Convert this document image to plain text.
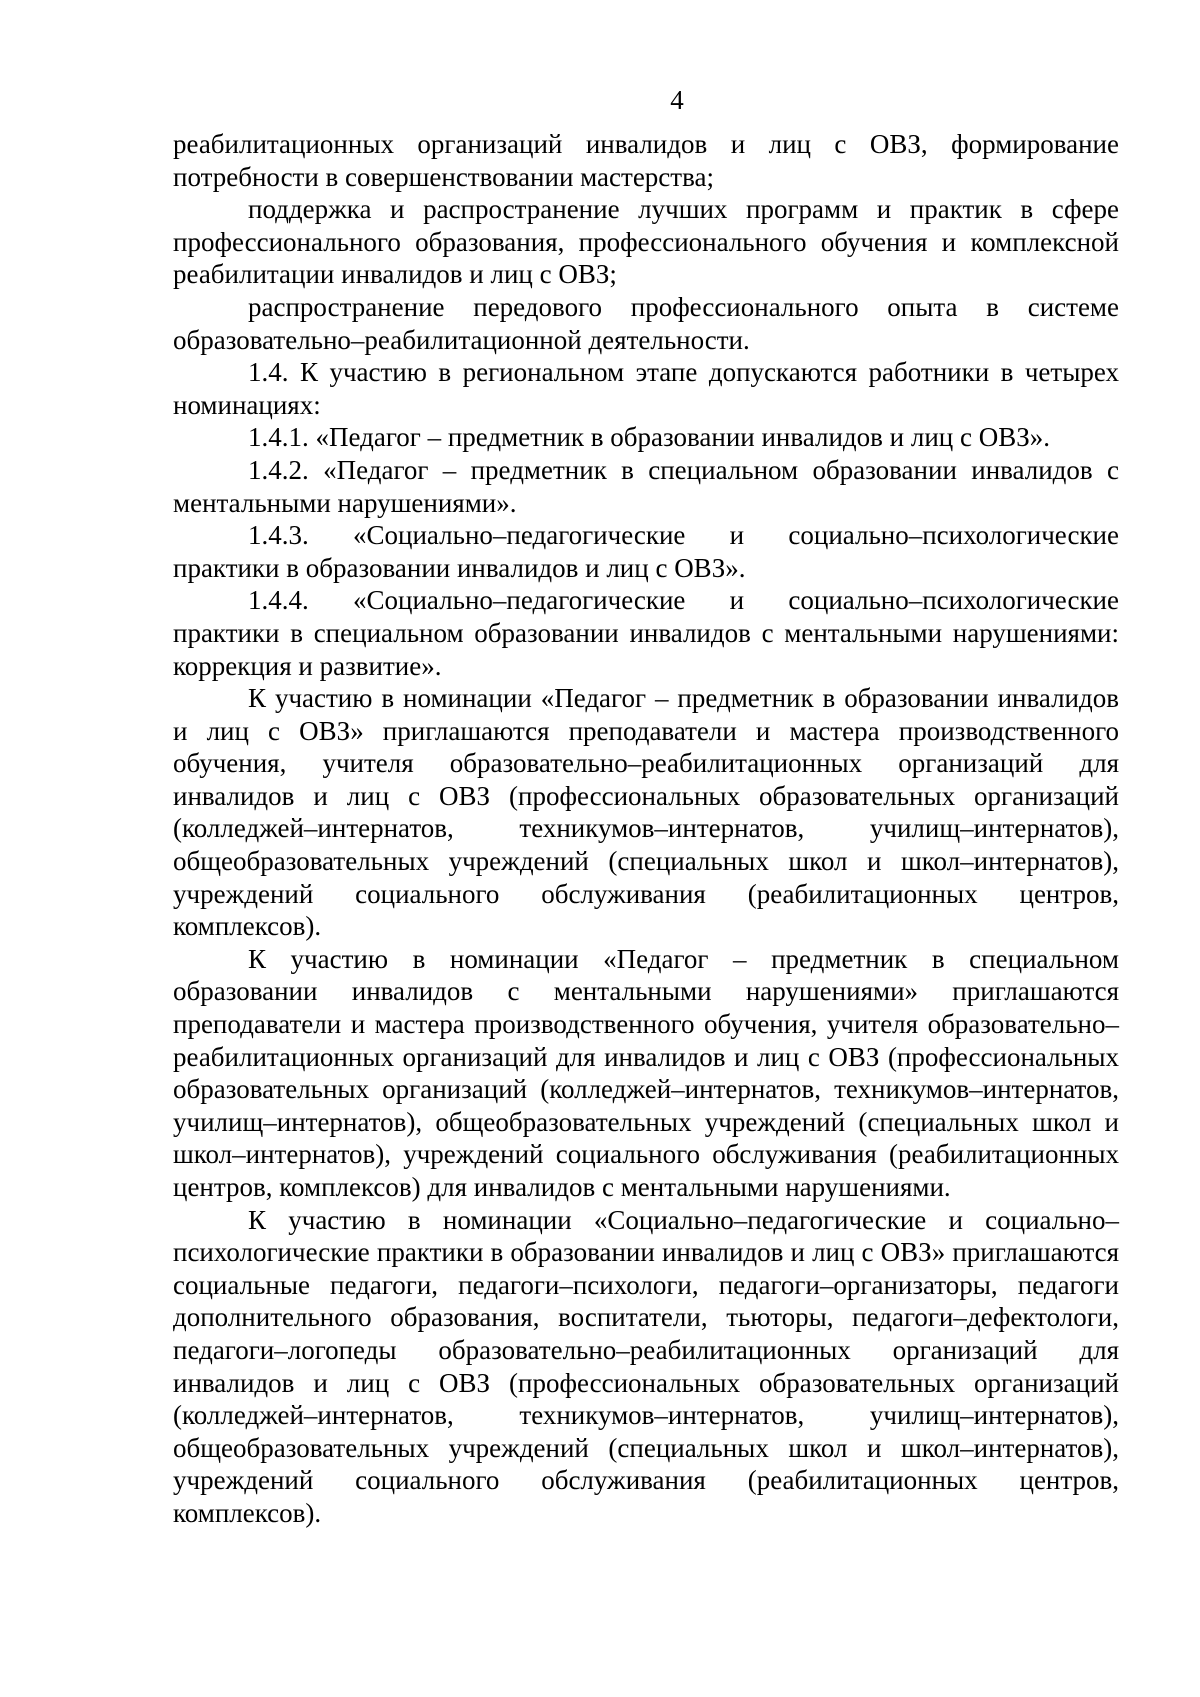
4

реабилитационных организаций инвалидов и лиц с ОВЗ, формирование потребности в совершенствовании мастерства;

поддержка и распространение лучших программ и практик в сфере профессионального образования, профессионального обучения и комплексной реабилитации инвалидов и лиц с ОВЗ;

распространение передового профессионального опыта в системе образовательно–реабилитационной деятельности.

1.4. К участию в региональном этапе допускаются работники в четырех номинациях:

1.4.1. «Педагог – предметник в образовании инвалидов и лиц с ОВЗ».

1.4.2. «Педагог – предметник в специальном образовании инвалидов с ментальными нарушениями».

1.4.3. «Социально–педагогические и социально–психологические практики в образовании инвалидов и лиц с ОВЗ».

1.4.4. «Социально–педагогические и социально–психологические практики в специальном образовании инвалидов с ментальными нарушениями: коррекция и развитие».

К участию в номинации «Педагог – предметник в образовании инвалидов и лиц с ОВЗ» приглашаются преподаватели и мастера производственного обучения, учителя образовательно–реабилитационных организаций для инвалидов и лиц с ОВЗ (профессиональных образовательных организаций (колледжей–интернатов, техникумов–интернатов, училищ–интернатов), общеобразовательных учреждений (специальных школ и школ–интернатов), учреждений социального обслуживания (реабилитационных центров, комплексов).

К участию в номинации «Педагог – предметник в специальном образовании инвалидов с ментальными нарушениями» приглашаются преподаватели и мастера производственного обучения, учителя образовательно–реабилитационных организаций для инвалидов и лиц с ОВЗ (профессиональных образовательных организаций (колледжей–интернатов, техникумов–интернатов, училищ–интернатов), общеобразовательных учреждений (специальных школ и школ–интернатов), учреждений социального обслуживания (реабилитационных центров, комплексов) для инвалидов с ментальными нарушениями.

К участию в номинации «Социально–педагогические и социально–психологические практики в образовании инвалидов и лиц с ОВЗ» приглашаются социальные педагоги, педагоги–психологи, педагоги–организаторы, педагоги дополнительного образования, воспитатели, тьюторы, педагоги–дефектологи, педагоги–логопеды образовательно–реабилитационных организаций для инвалидов и лиц с ОВЗ (профессиональных образовательных организаций (колледжей–интернатов, техникумов–интернатов, училищ–интернатов), общеобразовательных учреждений (специальных школ и школ–интернатов), учреждений социального обслуживания (реабилитационных центров, комплексов).
